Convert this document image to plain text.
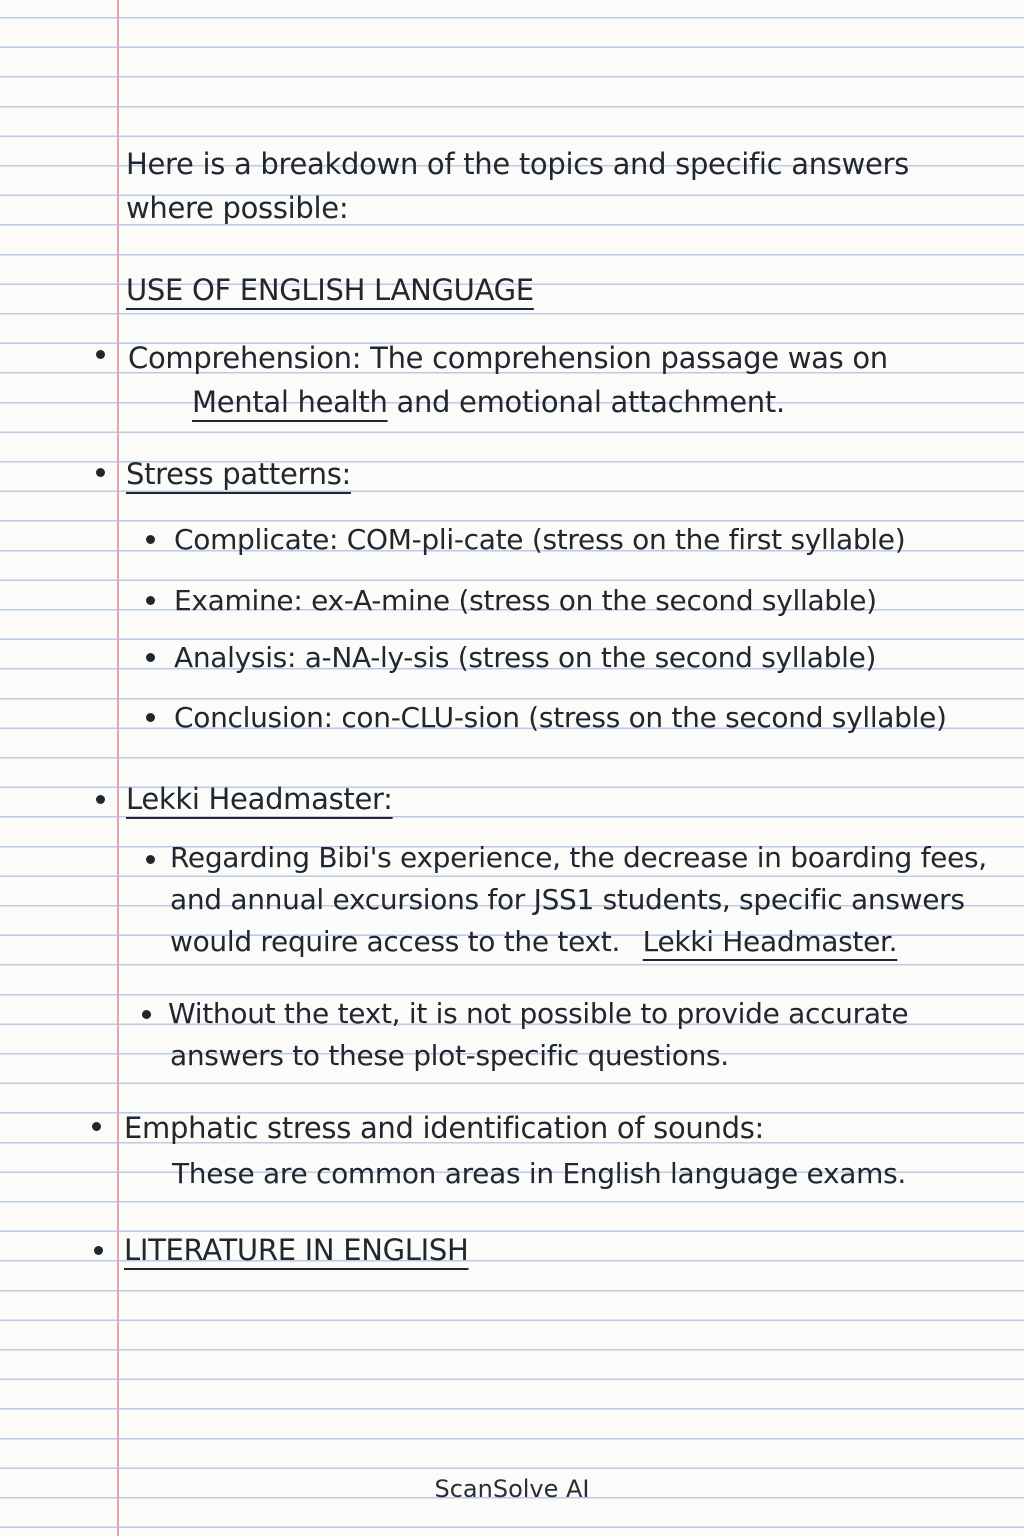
Here is a breakdown of the topics and specific answers
where possible:
USE OF ENGLISH LANGUAGE
Comprehension: The comprehension passage was on
Mental health and emotional attachment.
Stress patterns:
Complicate: COM-pli-cate (stress on the first syllable)
Examine: ex-A-mine (stress on the second syllable)
Analysis: a-NA-ly-sis (stress on the second syllable)
Conclusion: con-CLU-sion (stress on the second syllable)
Lekki Headmaster:
Regarding Bibi's experience, the decrease in boarding fees,
and annual excursions for JSS1 students, specific answers
would require access to the text. Lekki Headmaster.
Without the text, it is not possible to provide accurate
answers to these plot-specific questions.
Emphatic stress and identification of sounds:
These are common areas in English language exams.
LITERATURE IN ENGLISH
ScanSolve AI
